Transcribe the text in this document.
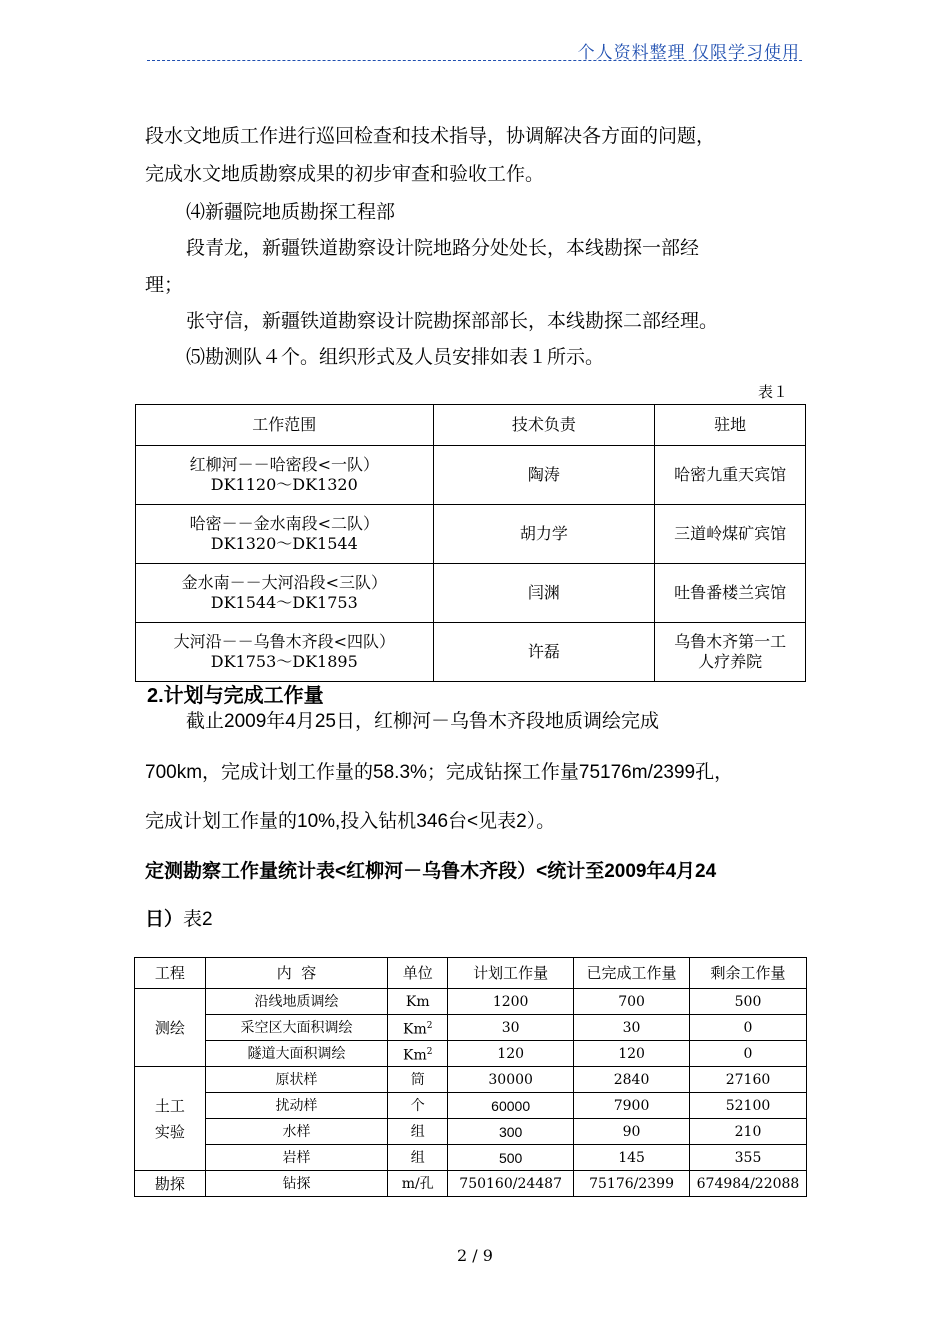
个人资料整理 仅限学习使用
段水文地质工作进行巡回检查和技术指导，协调解决各方面的问题，
完成水文地质勘察成果的初步审查和验收工作。
⑷新疆院地质勘探工程部
段青龙，新疆铁道勘察设计院地路分处处长，本线勘探一部经
理；
张守信，新疆铁道勘察设计院勘探部部长，本线勘探二部经理。
⑸勘测队４个。组织形式及人员安排如表１所示。
表１
工作范围	技术负责	驻地

红柳河－－哈密段<一队）
DK1120～DK1320	陶涛	哈密九重天宾馆

哈密－－金水南段<二队）
DK1320～DK1544	胡力学	三道岭煤矿宾馆

金水南－－大河沿段<三队）
DK1544～DK1753	闫渊	吐鲁番楼兰宾馆

大河沿－－乌鲁木齐段<四队）
DK1753～DK1895	许磊	乌鲁木齐第一工人疗养院
2.计划与完成工作量
截止2009年4月25日，红柳河－乌鲁木齐段地质调绘完成
700km，完成计划工作量的58.3%；完成钻探工作量75176m/2399孔，
完成计划工作量的10%,投入钻机346台<见表2）。
定测勘察工作量统计表<红柳河－乌鲁木齐段）<统计至2009年4月24
日）表2
工程	内  容	单位	计划工作量	已完成工作量	剩余工作量
测绘	沿线地质调绘	Km	1200	700	500
	采空区大面积调绘	Km$^2$	30	30	0
	隧道大面积调绘	Km$^2$	120	120	0
土工
实验	原状样	筒	30000	2840	27160
	扰动样	个	60000	7900	52100
	水样	组	300	90	210
	岩样	组	500	145	355
勘探	钻探	m/孔	750160/24487	75176/2399	674984/22088
2 / 9
